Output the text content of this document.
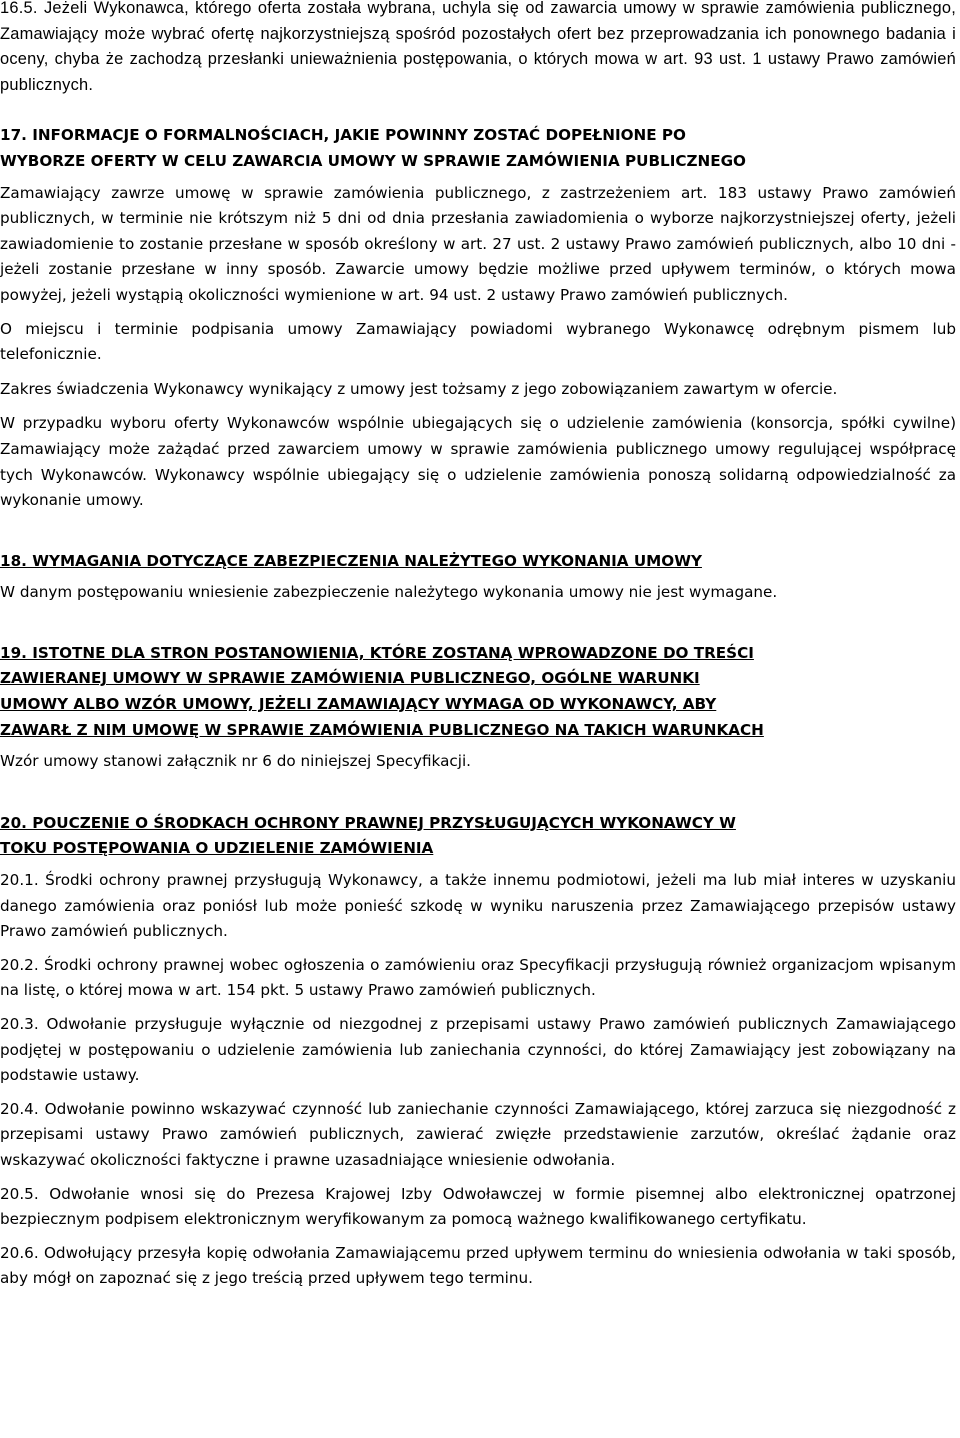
16.5. Jeżeli Wykonawca, którego oferta została wybrana, uchyla się od zawarcia umowy w sprawie zamówienia publicznego, Zamawiający może wybrać ofertę najkorzystniejszą spośród pozostałych ofert bez przeprowadzania ich ponownego badania i oceny, chyba że zachodzą przesłanki unieważnienia postępowania, o których mowa w art. 93 ust. 1 ustawy Prawo zamówień publicznych.

17. INFORMACJE O FORMALNOŚCIACH, JAKIE POWINNY ZOSTAĆ DOPEŁNIONE PO
WYBORZE OFERTY W CELU ZAWARCIA UMOWY W SPRAWIE ZAMÓWIENIA PUBLICZNEGO

Zamawiający zawrze umowę w sprawie zamówienia publicznego, z zastrzeżeniem art. 183 ustawy Prawo zamówień publicznych, w terminie nie krótszym niż 5 dni od dnia przesłania zawiadomienia o wyborze najkorzystniejszej oferty, jeżeli zawiadomienie to zostanie przesłane w sposób określony w art. 27 ust. 2 ustawy Prawo zamówień publicznych, albo 10 dni - jeżeli zostanie przesłane w inny sposób. Zawarcie umowy będzie możliwe przed upływem terminów, o których mowa powyżej, jeżeli wystąpią okoliczności wymienione w art. 94 ust. 2 ustawy Prawo zamówień publicznych.

O miejscu i terminie podpisania umowy Zamawiający powiadomi wybranego Wykonawcę odrębnym pismem lub telefonicznie.

Zakres świadczenia Wykonawcy wynikający z umowy jest tożsamy z jego zobowiązaniem zawartym w ofercie.

W przypadku wyboru oferty Wykonawców wspólnie ubiegających się o udzielenie zamówienia (konsorcja, spółki cywilne) Zamawiający może zażądać przed zawarciem umowy w sprawie zamówienia publicznego umowy regulującej współpracę tych Wykonawców. Wykonawcy wspólnie ubiegający się o udzielenie zamówienia ponoszą solidarną odpowiedzialność za wykonanie umowy.

18. WYMAGANIA DOTYCZĄCE ZABEZPIECZENIA NALEŻYTEGO WYKONANIA UMOWY

W danym postępowaniu wniesienie zabezpieczenie należytego wykonania umowy nie jest wymagane.

19. ISTOTNE DLA STRON POSTANOWIENIA, KTÓRE ZOSTANĄ WPROWADZONE DO TREŚCI
ZAWIERANEJ UMOWY W SPRAWIE ZAMÓWIENIA PUBLICZNEGO, OGÓLNE WARUNKI
UMOWY ALBO WZÓR UMOWY, JEŻELI ZAMAWIAJĄCY WYMAGA OD WYKONAWCY, ABY
ZAWARŁ Z NIM UMOWĘ W SPRAWIE ZAMÓWIENIA PUBLICZNEGO NA TAKICH WARUNKACH

Wzór umowy stanowi załącznik nr 6 do niniejszej Specyfikacji.

20. POUCZENIE O ŚRODKACH OCHRONY PRAWNEJ PRZYSŁUGUJĄCYCH WYKONAWCY W
TOKU POSTĘPOWANIA O UDZIELENIE ZAMÓWIENIA

20.1. Środki ochrony prawnej przysługują Wykonawcy, a także innemu podmiotowi, jeżeli ma lub miał interes w uzyskaniu danego zamówienia oraz poniósł lub może ponieść szkodę w wyniku naruszenia przez Zamawiającego przepisów ustawy Prawo zamówień publicznych.

20.2. Środki ochrony prawnej wobec ogłoszenia o zamówieniu oraz Specyfikacji przysługują również organizacjom wpisanym na listę, o której mowa w art. 154 pkt. 5 ustawy Prawo zamówień publicznych.

20.3. Odwołanie przysługuje wyłącznie od niezgodnej z przepisami ustawy Prawo zamówień publicznych Zamawiającego podjętej w postępowaniu o udzielenie zamówienia lub zaniechania czynności, do której Zamawiający jest zobowiązany na podstawie ustawy.

20.4. Odwołanie powinno wskazywać czynność lub zaniechanie czynności Zamawiającego, której zarzuca się niezgodność z przepisami ustawy Prawo zamówień publicznych, zawierać zwięzłe przedstawienie zarzutów, określać żądanie oraz wskazywać okoliczności faktyczne i prawne uzasadniające wniesienie odwołania.

20.5. Odwołanie wnosi się do Prezesa Krajowej Izby Odwoławczej w formie pisemnej albo elektronicznej opatrzonej bezpiecznym podpisem elektronicznym weryfikowanym za pomocą ważnego kwalifikowanego certyfikatu.

20.6. Odwołujący przesyła kopię odwołania Zamawiającemu przed upływem terminu do wniesienia odwołania w taki sposób, aby mógł on zapoznać się z jego treścią przed upływem tego terminu.
